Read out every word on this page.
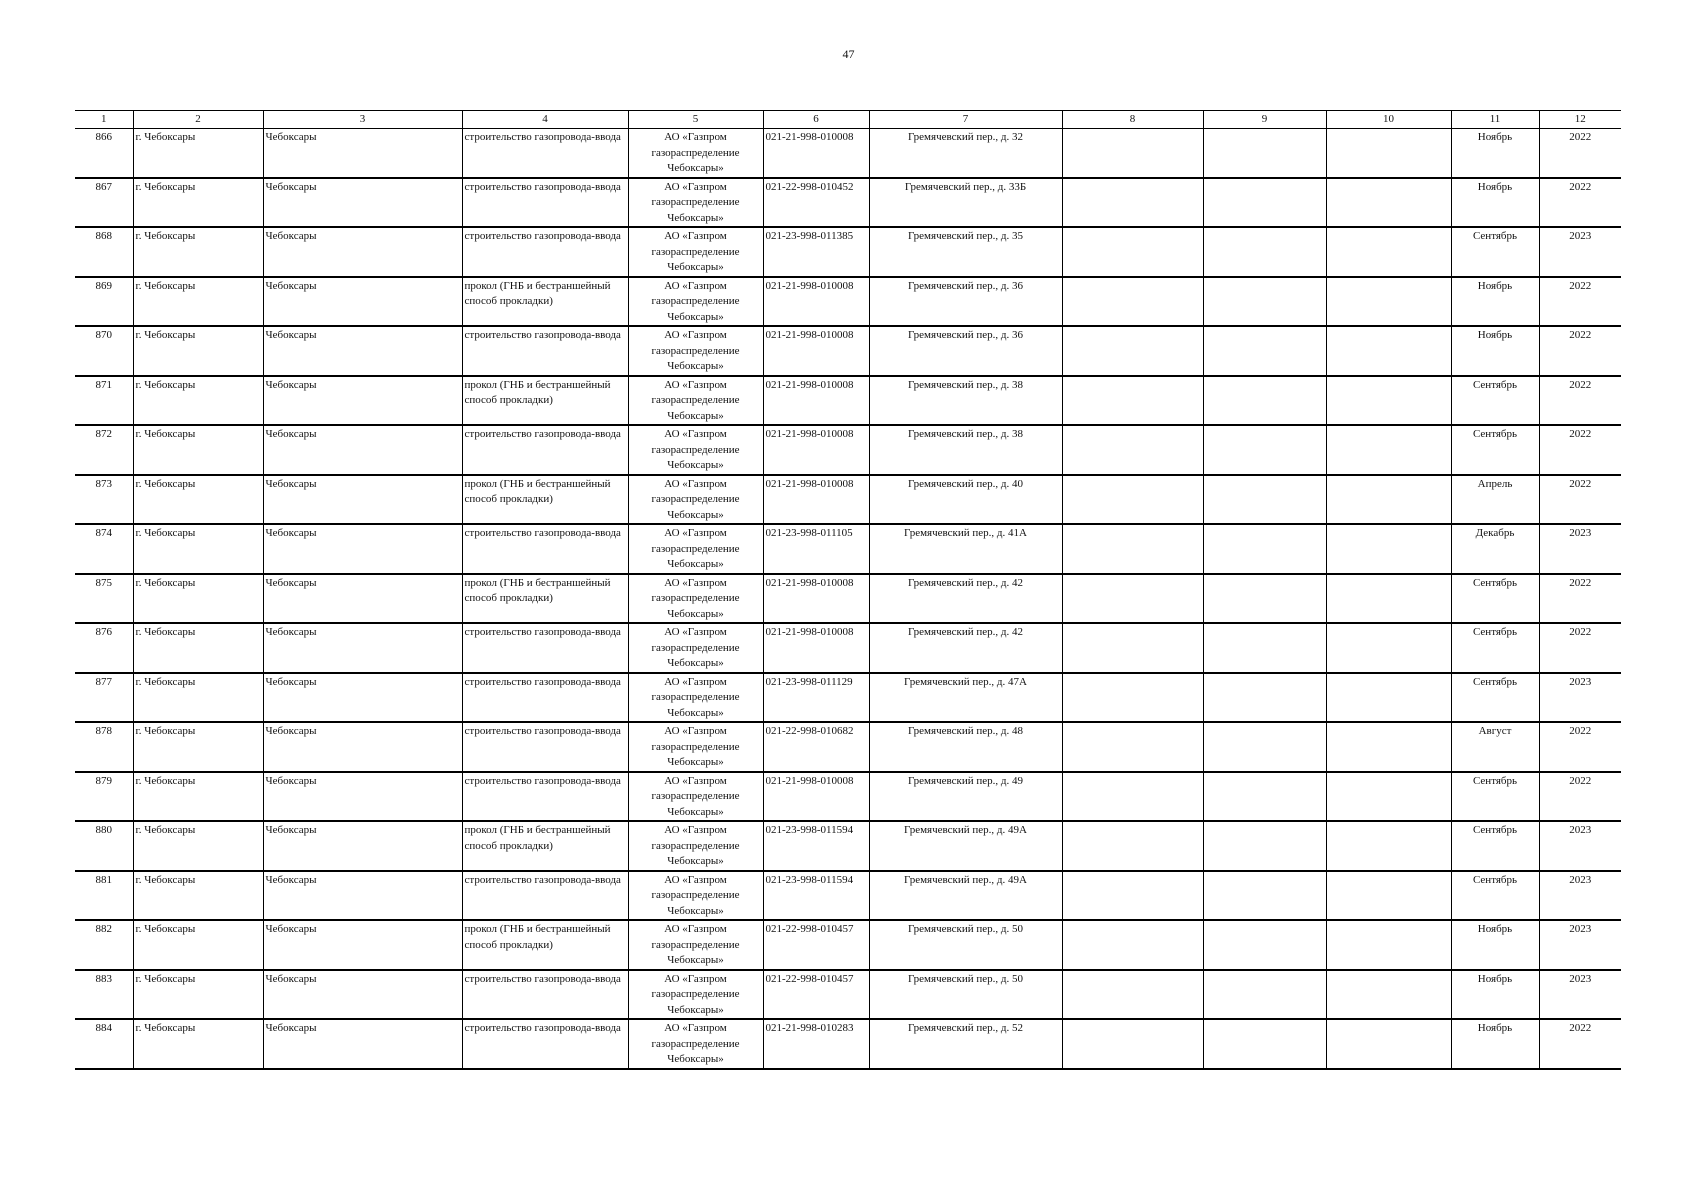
47
1	2	3	4	5	6	7	8	9	10	11	12
866	г. Чебоксары	Чебоксары	строительство газопровода-ввода	АО «Газпром газораспределение Чебоксары»	021-21-998-010008	Гремячевский пер., д. 32				Ноябрь	2022
867	г. Чебоксары	Чебоксары	строительство газопровода-ввода	АО «Газпром газораспределение Чебоксары»	021-22-998-010452	Гремячевский пер., д. 33Б				Ноябрь	2022
868	г. Чебоксары	Чебоксары	строительство газопровода-ввода	АО «Газпром газораспределение Чебоксары»	021-23-998-011385	Гремячевский пер., д. 35				Сентябрь	2023
869	г. Чебоксары	Чебоксары	прокол (ГНБ и бестраншейный способ прокладки)	АО «Газпром газораспределение Чебоксары»	021-21-998-010008	Гремячевский пер., д. 36				Ноябрь	2022
870	г. Чебоксары	Чебоксары	строительство газопровода-ввода	АО «Газпром газораспределение Чебоксары»	021-21-998-010008	Гремячевский пер., д. 36				Ноябрь	2022
871	г. Чебоксары	Чебоксары	прокол (ГНБ и бестраншейный способ прокладки)	АО «Газпром газораспределение Чебоксары»	021-21-998-010008	Гремячевский пер., д. 38				Сентябрь	2022
872	г. Чебоксары	Чебоксары	строительство газопровода-ввода	АО «Газпром газораспределение Чебоксары»	021-21-998-010008	Гремячевский пер., д. 38				Сентябрь	2022
873	г. Чебоксары	Чебоксары	прокол (ГНБ и бестраншейный способ прокладки)	АО «Газпром газораспределение Чебоксары»	021-21-998-010008	Гремячевский пер., д. 40				Апрель	2022
874	г. Чебоксары	Чебоксары	строительство газопровода-ввода	АО «Газпром газораспределение Чебоксары»	021-23-998-011105	Гремячевский пер., д. 41А				Декабрь	2023
875	г. Чебоксары	Чебоксары	прокол (ГНБ и бестраншейный способ прокладки)	АО «Газпром газораспределение Чебоксары»	021-21-998-010008	Гремячевский пер., д. 42				Сентябрь	2022
876	г. Чебоксары	Чебоксары	строительство газопровода-ввода	АО «Газпром газораспределение Чебоксары»	021-21-998-010008	Гремячевский пер., д. 42				Сентябрь	2022
877	г. Чебоксары	Чебоксары	строительство газопровода-ввода	АО «Газпром газораспределение Чебоксары»	021-23-998-011129	Гремячевский пер., д. 47А				Сентябрь	2023
878	г. Чебоксары	Чебоксары	строительство газопровода-ввода	АО «Газпром газораспределение Чебоксары»	021-22-998-010682	Гремячевский пер., д. 48				Август	2022
879	г. Чебоксары	Чебоксары	строительство газопровода-ввода	АО «Газпром газораспределение Чебоксары»	021-21-998-010008	Гремячевский пер., д. 49				Сентябрь	2022
880	г. Чебоксары	Чебоксары	прокол (ГНБ и бестраншейный способ прокладки)	АО «Газпром газораспределение Чебоксары»	021-23-998-011594	Гремячевский пер., д. 49А				Сентябрь	2023
881	г. Чебоксары	Чебоксары	строительство газопровода-ввода	АО «Газпром газораспределение Чебоксары»	021-23-998-011594	Гремячевский пер., д. 49А				Сентябрь	2023
882	г. Чебоксары	Чебоксары	прокол (ГНБ и бестраншейный способ прокладки)	АО «Газпром газораспределение Чебоксары»	021-22-998-010457	Гремячевский пер., д. 50				Ноябрь	2023
883	г. Чебоксары	Чебоксары	строительство газопровода-ввода	АО «Газпром газораспределение Чебоксары»	021-22-998-010457	Гремячевский пер., д. 50				Ноябрь	2023
884	г. Чебоксары	Чебоксары	строительство газопровода-ввода	АО «Газпром газораспределение Чебоксары»	021-21-998-010283	Гремячевский пер., д. 52				Ноябрь	2022
